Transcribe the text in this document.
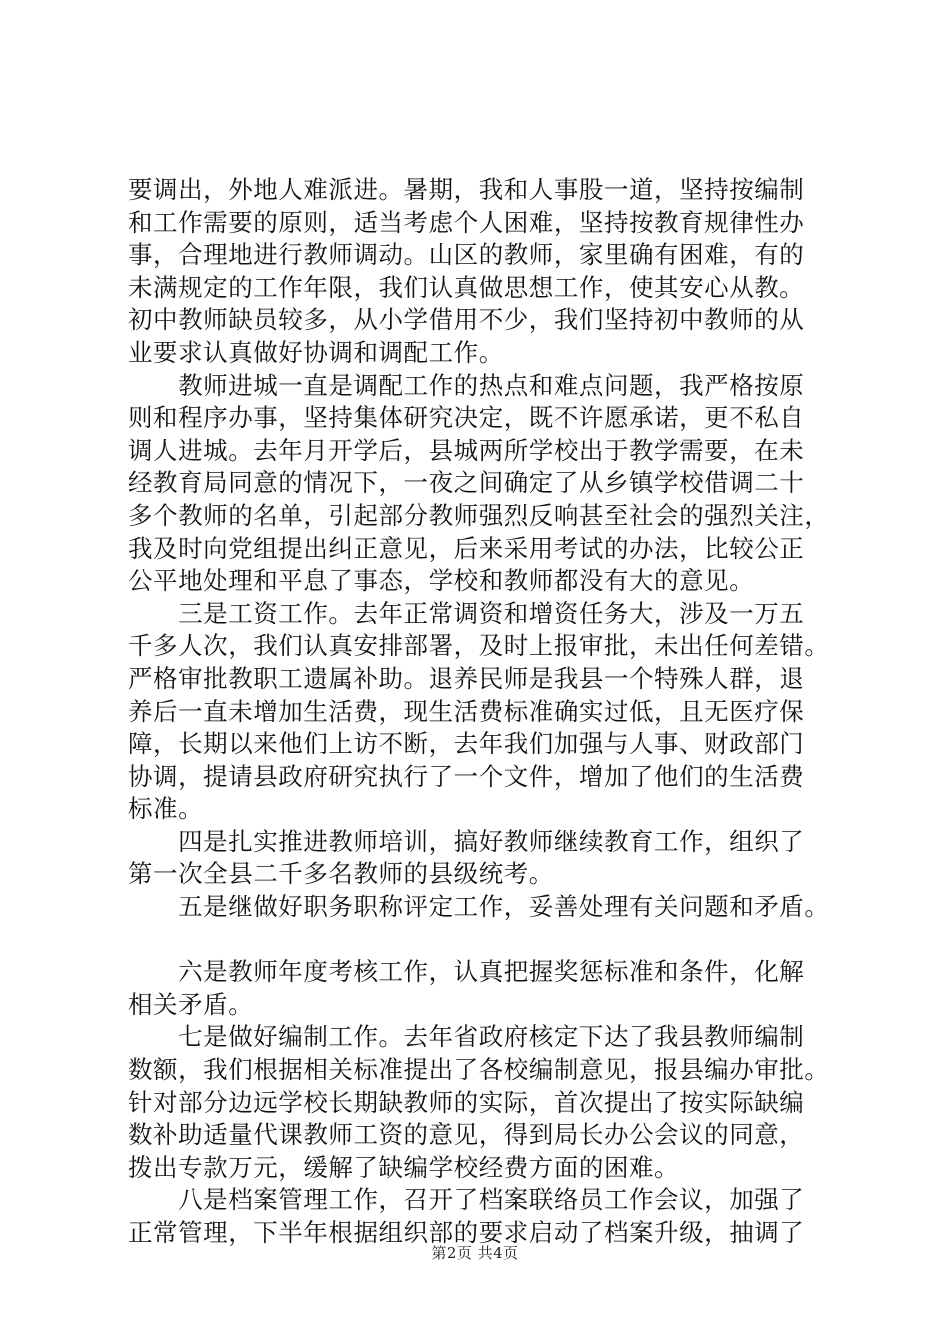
要调出，外地人难派进。暑期，我和人事股一道，坚持按编制
和工作需要的原则，适当考虑个人困难，坚持按教育规律性办
事，合理地进行教师调动。山区的教师，家里确有困难，有的
未满规定的工作年限，我们认真做思想工作，使其安心从教。
初中教师缺员较多，从小学借用不少，我们坚持初中教师的从
业要求认真做好协调和调配工作。
　　教师进城一直是调配工作的热点和难点问题，我严格按原
则和程序办事，坚持集体研究决定，既不许愿承诺，更不私自
调人进城。去年月开学后，县城两所学校出于教学需要，在未
经教育局同意的情况下，一夜之间确定了从乡镇学校借调二十
多个教师的名单，引起部分教师强烈反响甚至社会的强烈关注，
我及时向党组提出纠正意见，后来采用考试的办法，比较公正
公平地处理和平息了事态，学校和教师都没有大的意见。
　　三是工资工作。去年正常调资和增资任务大，涉及一万五
千多人次，我们认真安排部署，及时上报审批，未出任何差错。
严格审批教职工遗属补助。退养民师是我县一个特殊人群，退
养后一直未增加生活费，现生活费标准确实过低，且无医疗保
障，长期以来他们上访不断，去年我们加强与人事、财政部门
协调，提请县政府研究执行了一个文件，增加了他们的生活费
标准。
　　四是扎实推进教师培训，搞好教师继续教育工作，组织了
第一次全县二千多名教师的县级统考。
　　五是继做好职务职称评定工作，妥善处理有关问题和矛盾。
　　六是教师年度考核工作，认真把握奖惩标准和条件，化解
相关矛盾。
　　七是做好编制工作。去年省政府核定下达了我县教师编制
数额，我们根据相关标准提出了各校编制意见，报县编办审批。
针对部分边远学校长期缺教师的实际，首次提出了按实际缺编
数补助适量代课教师工资的意见，得到局长办公会议的同意，
拨出专款万元，缓解了缺编学校经费方面的困难。
　　八是档案管理工作，召开了档案联络员工作会议，加强了
正常管理，下半年根据组织部的要求启动了档案升级，抽调了
第2页 共4页
